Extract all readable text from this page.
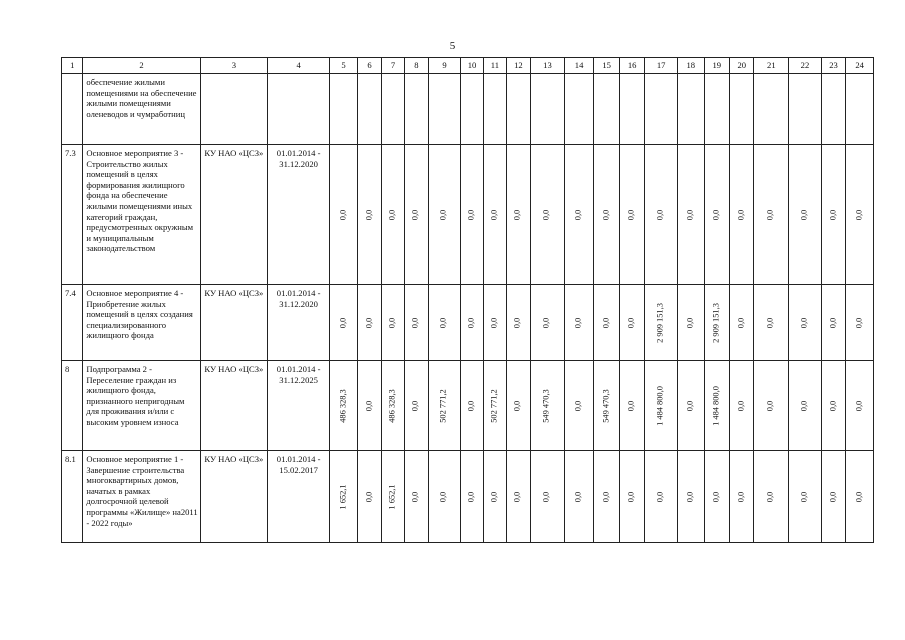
5
1	2	3	4	5	6	7	8	9	10	11	12	13	14	15	16	17	18	19	20	21	22	23	24
	обеспечение жилыми помещениями на обеспечение жилыми помещениями оленеводов и чумработниц			

7.3	Основное мероприятие 3 - Строительство жилых помещений в целях формирования жилищного фонда на обеспечение жилыми помещениями иных категорий граждан, предусмотренных окружным и муниципальным законодательством	КУ НАО «ЦСЗ»	01.01.2014 - 31.12.2020	0,0	0,0	0,0	0,0	0,0	0,0	0,0	0,0	0,0	0,0	0,0	0,0	0,0	0,0	0,0	0,0	0,0	0,0	0,0	0,0

7.4	Основное мероприятие 4 - Приобретение жилых помещений в целях создания специализированного жилищного фонда	КУ НАО «ЦСЗ»	01.01.2014 - 31.12.2020	0,0	0,0	0,0	0,0	0,0	0,0	0,0	0,0	0,0	0,0	0,0	0,0	2 909 151,3	0,0	2 909 151,3	0,0	0,0	0,0	0,0	0,0

8	Подпрограмма 2 - Переселение граждан из жилищного фонда, признанного непригодным для проживания и/или с высоким уровнем износа	КУ НАО «ЦСЗ»	01.01.2014 - 31.12.2025	486 328,3	0,0	486 328,3	0,0	502 771,2	0,0	502 771,2	0,0	549 470,3	0,0	549 470,3	0,0	1 484 800,0	0,0	1 484 800,0	0,0	0,0	0,0	0,0	0,0

8.1	Основное мероприятие 1 - Завершение строительства многоквартирных домов, начатых в рамках долгосрочной целевой программы «Жилище» на2011 - 2022 годы»	КУ НАО «ЦСЗ»	01.01.2014 - 15.02.2017	1 652,1	0,0	1 652,1	0,0	0,0	0,0	0,0	0,0	0,0	0,0	0,0	0,0	0,0	0,0	0,0	0,0	0,0	0,0	0,0	0,0
